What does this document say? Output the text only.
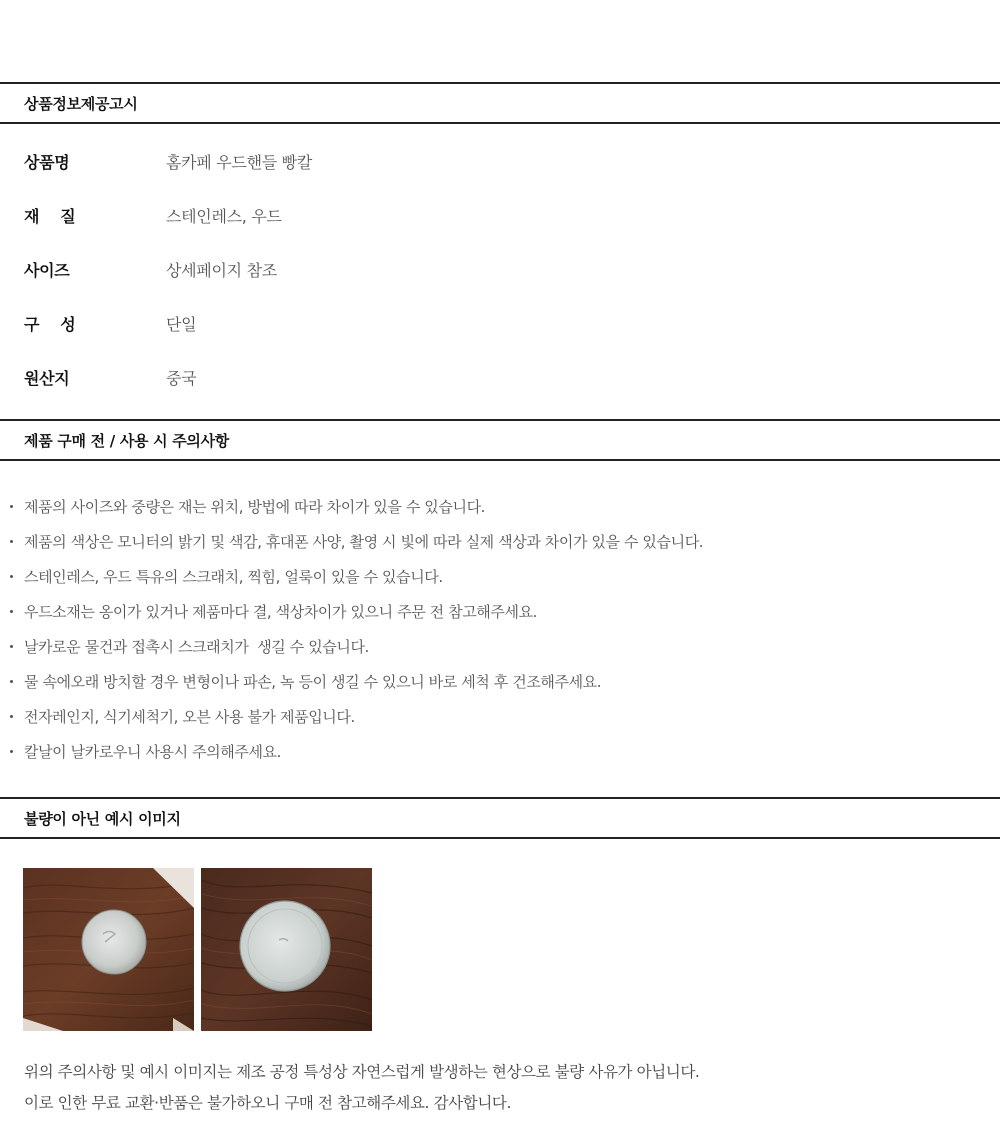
상품정보제공고시
상품명	홈카페 우드핸들 빵칼
재    질	스테인레스, 우드
사이즈	상세페이지 참조
구    성	단일
원산지	중국
제품 구매 전 / 사용 시 주의사항
제품의 사이즈와 중량은 재는 위치, 방법에 따라 차이가 있을 수 있습니다.
제품의 색상은 모니터의 밝기 및 색감, 휴대폰 사양, 촬영 시 빛에 따라 실제 색상과 차이가 있을 수 있습니다.
스테인레스, 우드 특유의 스크래치, 찍힘, 얼룩이 있을 수 있습니다.
우드소재는 옹이가 있거나 제품마다 결, 색상차이가 있으니 주문 전 참고해주세요.
날카로운 물건과 접촉시 스크래치가  생길 수 있습니다.
물 속에오래 방치할 경우 변형이나 파손, 녹 등이 생길 수 있으니 바로 세척 후 건조해주세요.
전자레인지, 식기세척기, 오븐 사용 불가 제품입니다.
칼날이 날카로우니 사용시 주의해주세요.
불량이 아닌 예시 이미지
위의 주의사항 및 예시 이미지는 제조 공정 특성상 자연스럽게 발생하는 현상으로 불량 사유가 아닙니다.
이로 인한 무료 교환·반품은 불가하오니 구매 전 참고해주세요. 감사합니다.
